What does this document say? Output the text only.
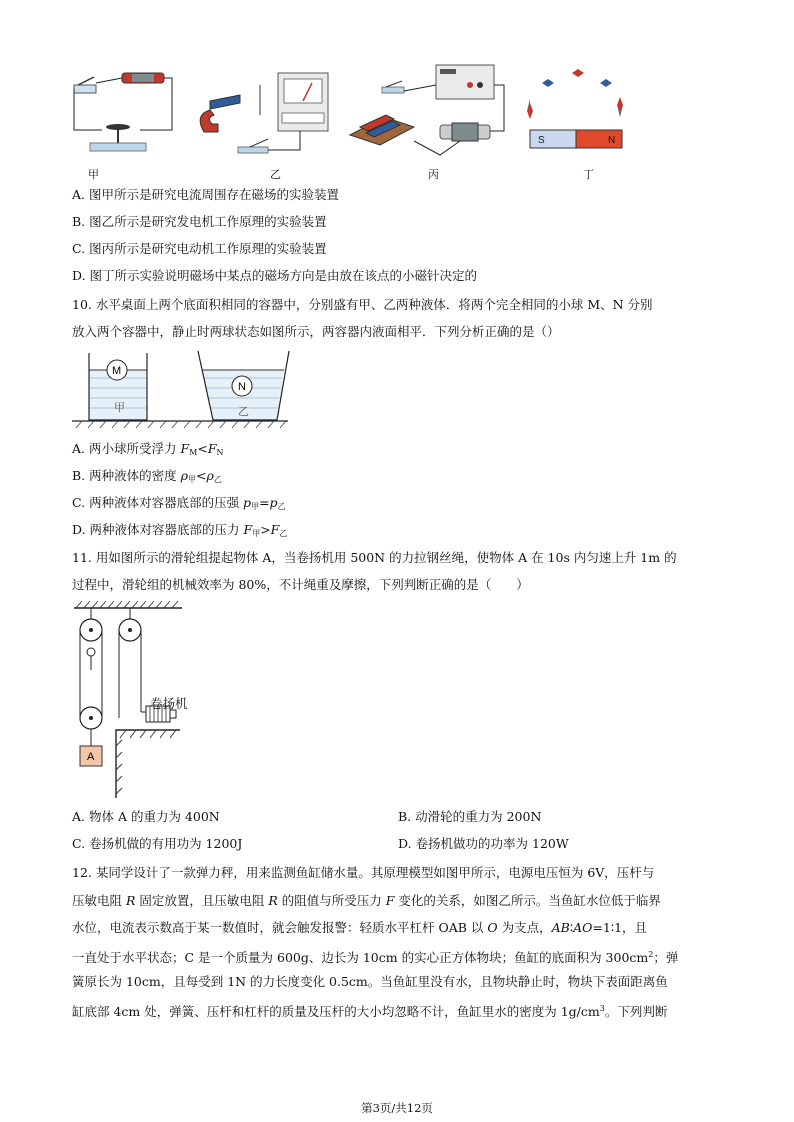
S	N
甲	乙	丙	丁
A. 图甲所示是研究电流周围存在磁场的实验装置
B. 图乙所示是研究发电机工作原理的实验装置
C. 图丙所示是研究电动机工作原理的实验装置
D. 图丁所示实验说明磁场中某点的磁场方向是由放在该点的小磁针决定的
10. 水平桌面上两个底面积相同的容器中，分别盛有甲、乙两种液体．将两个完全相同的小球 M、N 分别
放入两个容器中，静止时两球状态如图所示，两容器内液面相平．下列分析正确的是（）
M
甲
N
乙
A. 两小球所受浮力 $F_M<F_N$
B. 两种液体的密度 $\rho_甲<\rho_乙$
C. 两种液体对容器底部的压强 $p_甲=p_乙$
D. 两种液体对容器底部的压力 $F_甲>F_乙$
11. 用如图所示的滑轮组提起物体 A，当卷扬机用 500N 的力拉钢丝绳，使物体 A 在 10s 内匀速上升 1m 的
过程中，滑轮组的机械效率为 80%，不计绳重及摩擦，下列判断正确的是（　　）
A
卷扬机
A. 物体 A 的重力为 400N	B. 动滑轮的重力为 200N
C. 卷扬机做的有用功为 1200J	D. 卷扬机做功的功率为 120W
12. 某同学设计了一款弹力秤，用来监测鱼缸储水量。其原理模型如图甲所示，电源电压恒为 6V，压杆与
压敏电阻 R 固定放置，且压敏电阻 R 的阻值与所受压力 F 变化的关系，如图乙所示。当鱼缸水位低于临界
水位，电流表示数高于某一数值时，就会触发报警：轻质水平杠杆 OAB 以 O 为支点，AB∶AO=1∶1，且
一直处于水平状态；C 是一个质量为 600g、边长为 10cm 的实心正方体物块；鱼缸的底面积为 $300cm^2$；弹
簧原长为 10cm，且每受到 1N 的力长度变化 0.5cm。当鱼缸里没有水，且物块静止时，物块下表面距离鱼
缸底部 4cm 处，弹簧、压杆和杠杆的质量及压杆的大小均忽略不计，鱼缸里水的密度为 $1g/cm^3$。下列判断
第3页/共12页
